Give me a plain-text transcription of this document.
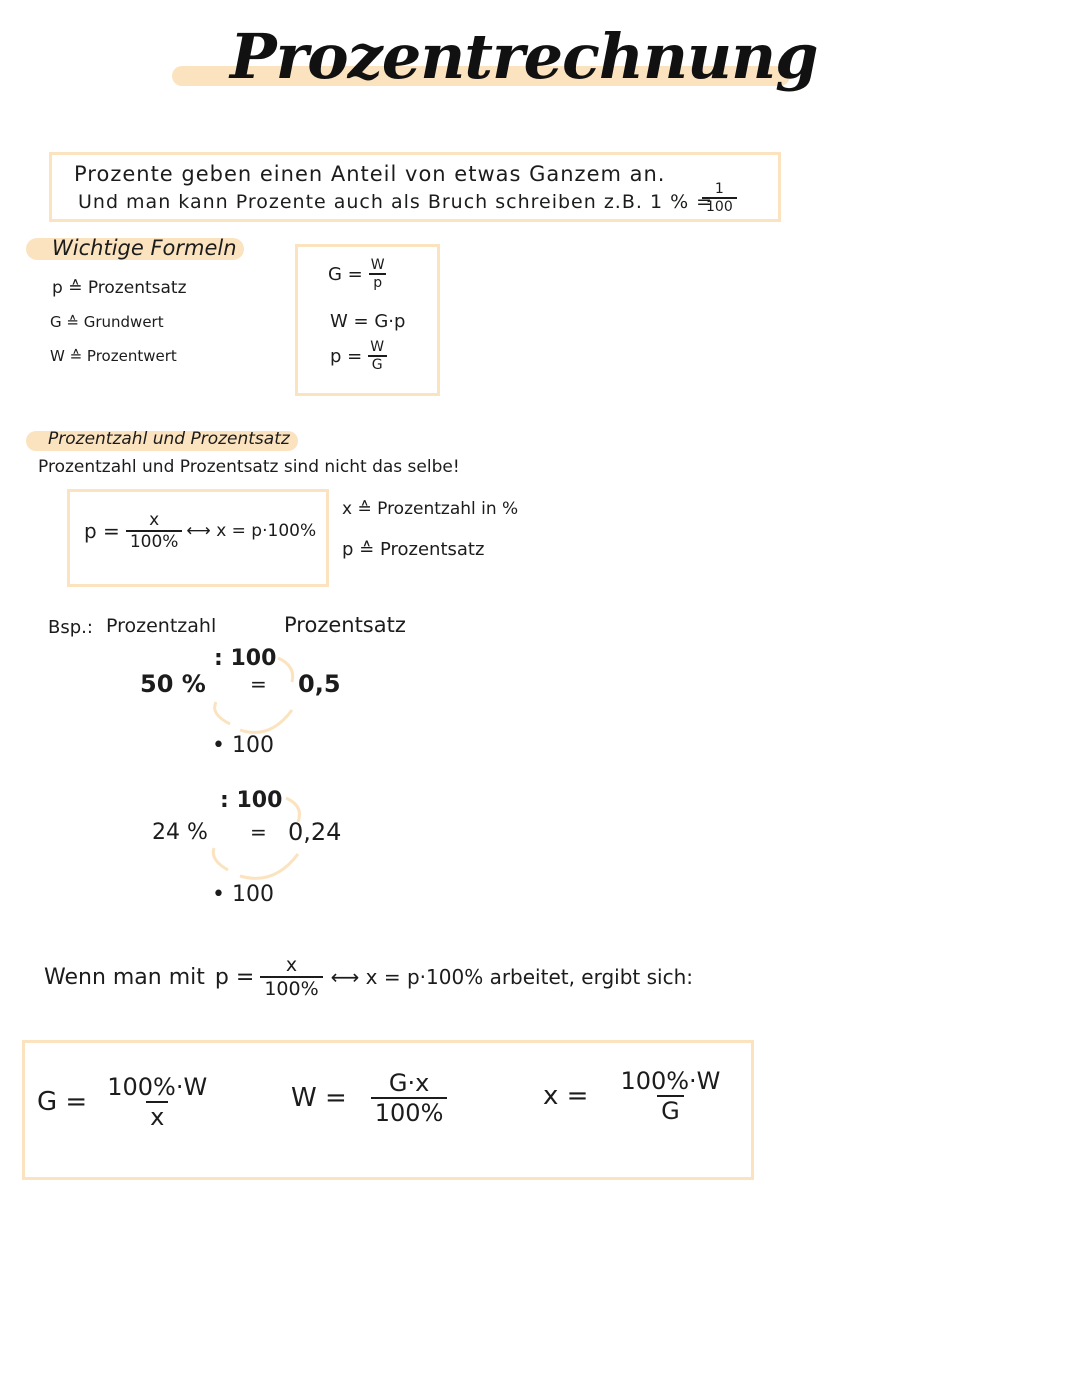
Prozentrechnung
Prozente geben einen Anteil von etwas Ganzem an.
Und man kann Prozente auch als Bruch schreiben z.B. 1 % =
$\frac{1}{100}$
Wichtige Formeln
p ≙ Prozentsatz
G ≙ Grundwert
W ≙ Prozentwert
$G = \frac{W}{p}$
W = G·p
$p = \frac{W}{G}$
Prozentzahl und Prozentsatz
Prozentzahl und Prozentsatz sind nicht das selbe!
$p = \frac{x}{100\%}$ ⟷ x = p·100%
x ≙ Prozentzahl in %
p ≙ Prozentsatz
Bsp.: Prozentzahl	Prozentsatz
50 %
: 100
= 0,5
• 100
24 %
: 100
= 0,24
• 100
Wenn man mit $p = \frac{x}{100\%}$ ⟷ x = p·100% arbeitet, ergibt sich:
$G = \frac{100\%\cdot W}{x}$	$W = \frac{G\cdot x}{100\%}$	$x = \frac{100\%\cdot W}{G}$
